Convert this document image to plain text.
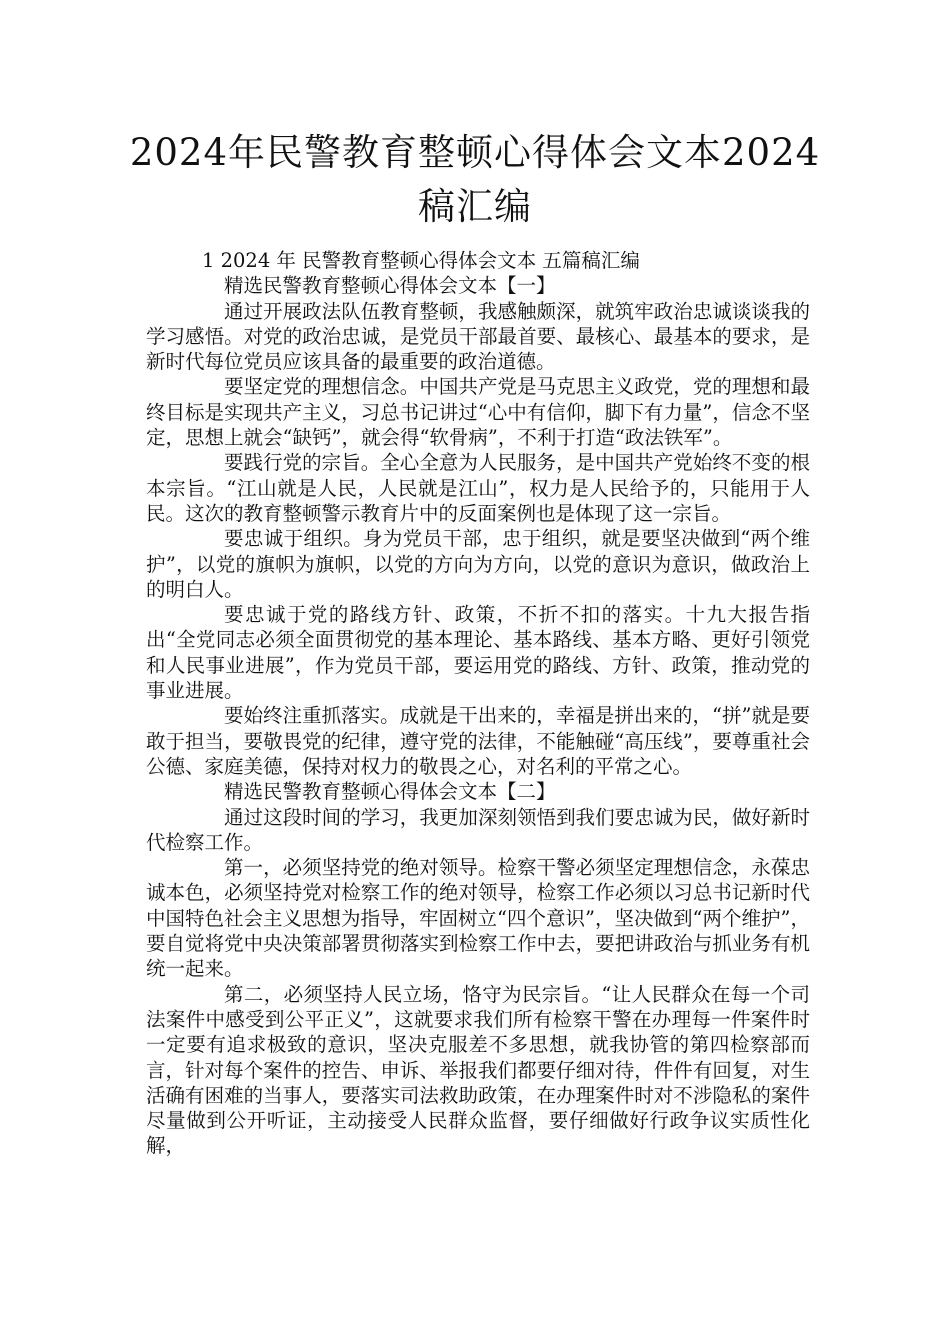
2024年民警教育整顿心得体会文本2024稿汇编

1 2024 年 民警教育整顿心得体会文本 五篇稿汇编

精选民警教育整顿心得体会文本【一】

通过开展政法队伍教育整顿，我感触颇深，就筑牢政治忠诚谈谈我的学习感悟。对党的政治忠诚，是党员干部最首要、最核心、最基本的要求，是新时代每位党员应该具备的最重要的政治道德。

要坚定党的理想信念。中国共产党是马克思主义政党，党的理想和最终目标是实现共产主义，习总书记讲过“心中有信仰，脚下有力量”，信念不坚定，思想上就会“缺钙”，就会得“软骨病”，不利于打造“政法铁军”。

要践行党的宗旨。全心全意为人民服务，是中国共产党始终不变的根本宗旨。“江山就是人民，人民就是江山”，权力是人民给予的，只能用于人民。这次的教育整顿警示教育片中的反面案例也是体现了这一宗旨。

要忠诚于组织。身为党员干部，忠于组织，就是要坚决做到“两个维护”，以党的旗帜为旗帜，以党的方向为方向，以党的意识为意识，做政治上的明白人。

要忠诚于党的路线方针、政策，不折不扣的落实。十九大报告指出“全党同志必须全面贯彻党的基本理论、基本路线、基本方略、更好引领党和人民事业进展”，作为党员干部，要运用党的路线、方针、政策，推动党的事业进展。

要始终注重抓落实。成就是干出来的，幸福是拼出来的，“拼”就是要敢于担当，要敬畏党的纪律，遵守党的法律，不能触碰“高压线”，要尊重社会公德、家庭美德，保持对权力的敬畏之心，对名利的平常之心。

精选民警教育整顿心得体会文本【二】

通过这段时间的学习，我更加深刻领悟到我们要忠诚为民，做好新时代检察工作。

第一，必须坚持党的绝对领导。检察干警必须坚定理想信念，永葆忠诚本色，必须坚持党对检察工作的绝对领导，检察工作必须以习总书记新时代中国特色社会主义思想为指导，牢固树立“四个意识”，坚决做到“两个维护”，要自觉将党中央决策部署贯彻落实到检察工作中去，要把讲政治与抓业务有机统一起来。

第二，必须坚持人民立场，恪守为民宗旨。“让人民群众在每一个司法案件中感受到公平正义”，这就要求我们所有检察干警在办理每一件案件时一定要有追求极致的意识，坚决克服差不多思想，就我协管的第四检察部而言，针对每个案件的控告、申诉、举报我们都要仔细对待，件件有回复，对生活确有困难的当事人，要落实司法救助政策，在办理案件时对不涉隐私的案件尽量做到公开听证，主动接受人民群众监督，要仔细做好行政争议实质性化解，
